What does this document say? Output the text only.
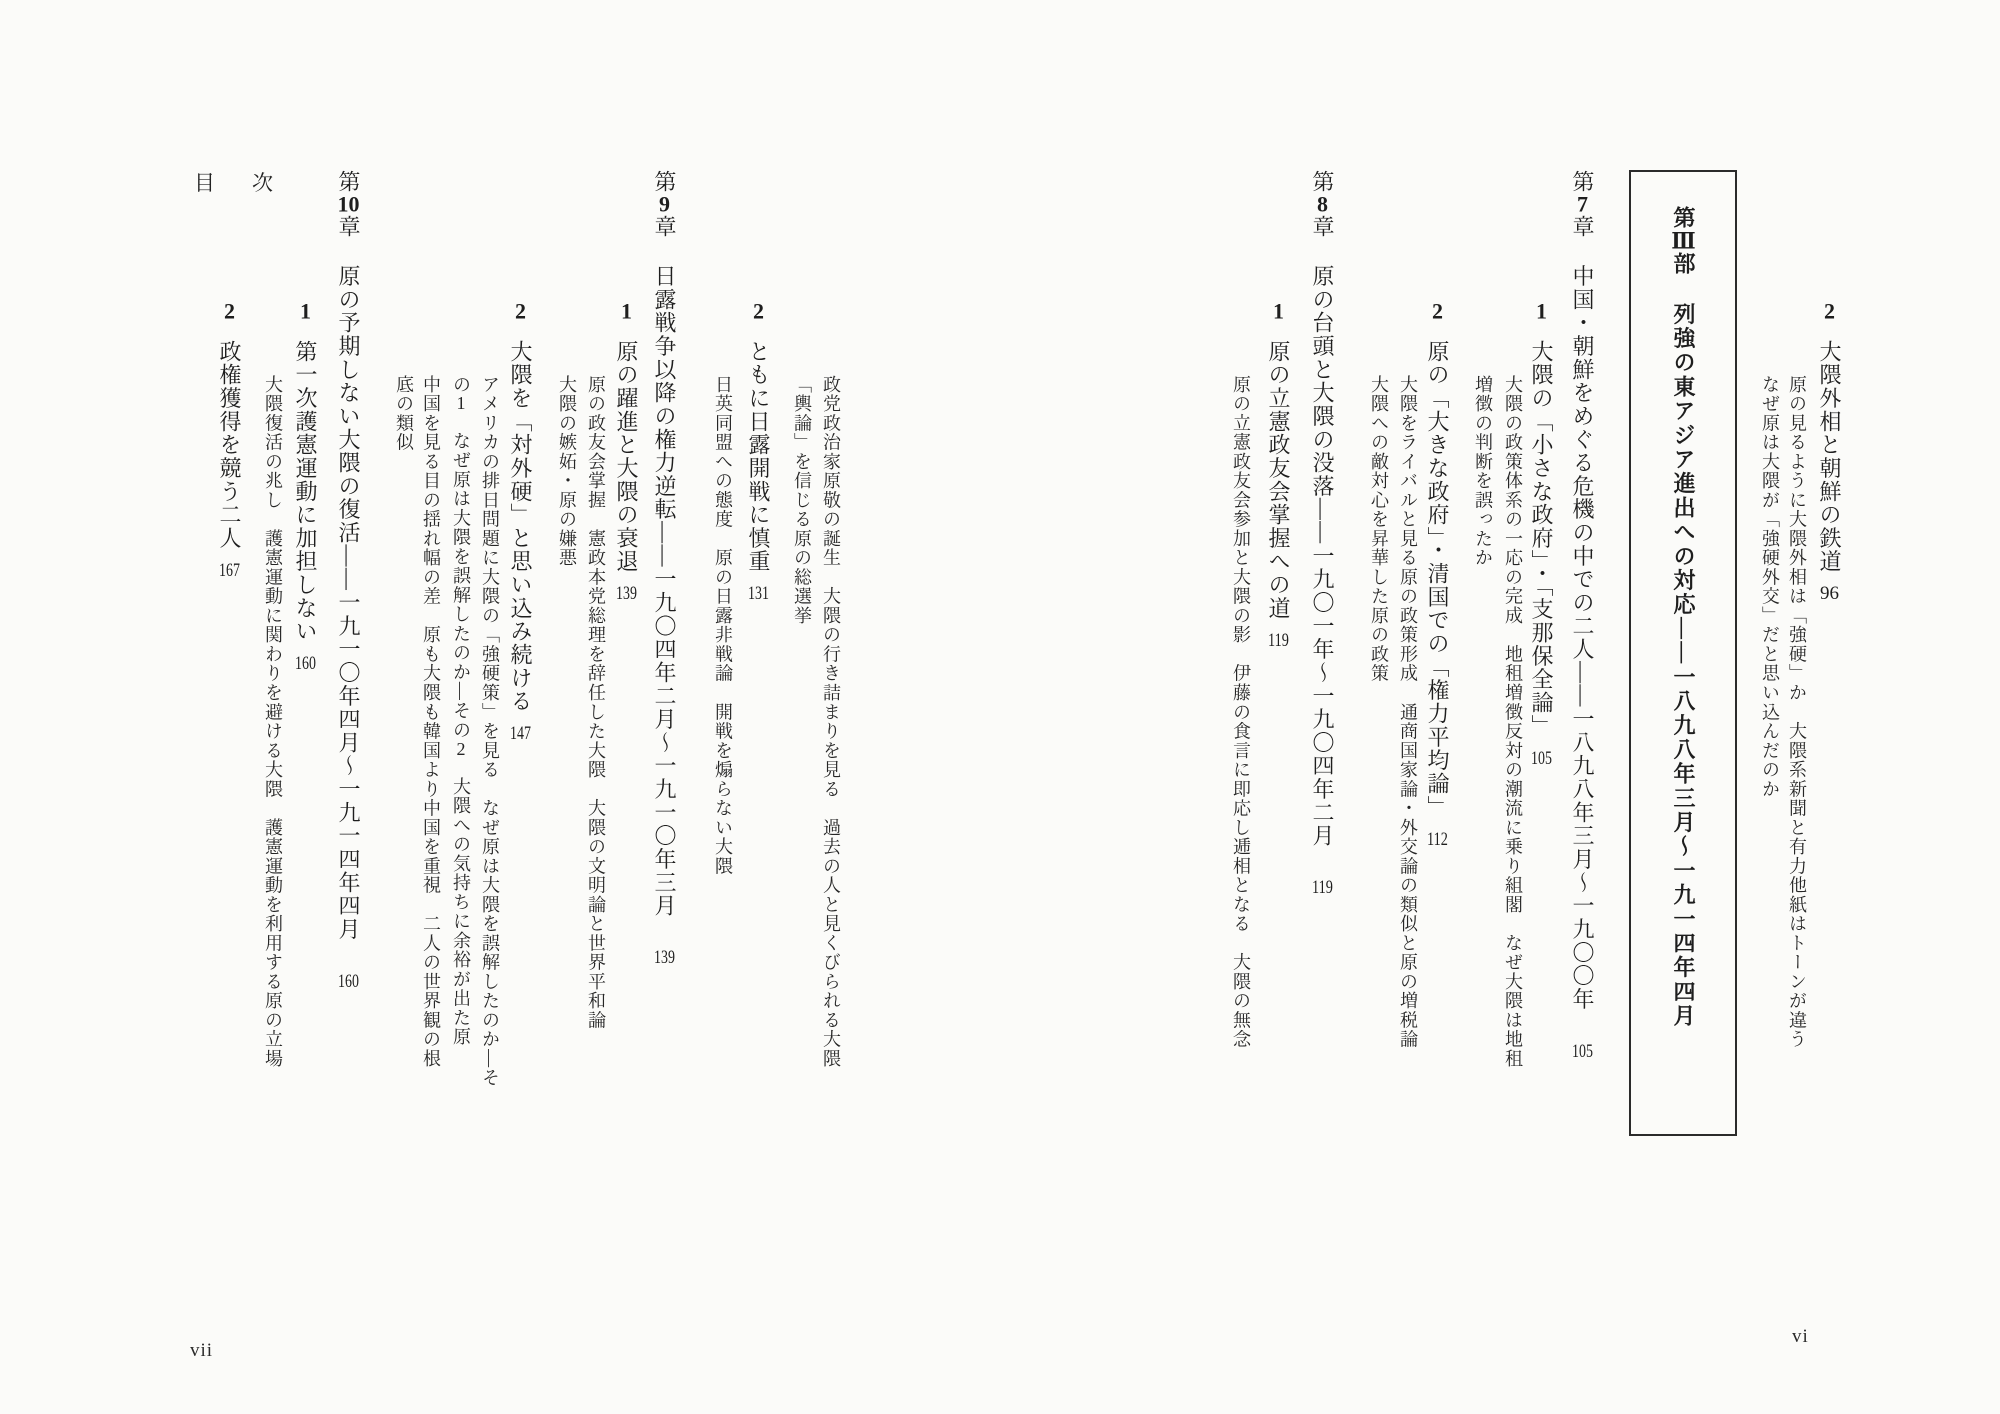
2大隈外相と朝鮮の鉄道96
原の見るように大隈外相は「強硬」か　大隈系新聞と有力他紙はトーンが違う
なぜ原は大隈が「強硬外交」だと思い込んだのか
第Ⅲ部列強の東アジア進出への対応――一八九八年三月〜一九一四年四月
第7章中国・朝鮮をめぐる危機の中での二人――一八九八年三月〜一九〇〇年 105
1大隈の「小さな政府」・「支那保全論」105
大隈の政策体系の一応の完成　地租増徴反対の潮流に乗り組閣　なぜ大隈は地租
増徴の判断を誤ったか
2原の「大きな政府」・清国での「権力平均論」112
大隈をライバルと見る原の政策形成　通商国家論・外交論の類似と原の増税論
大隈への敵対心を昇華した原の政策
第8章原の台頭と大隈の没落――一九〇一年〜一九〇四年二月 119
1原の立憲政友会掌握への道119
原の立憲政友会参加と大隈の影　伊藤の食言に即応し逓相となる　大隈の無念
政党政治家原敬の誕生　大隈の行き詰まりを見る　過去の人と見くびられる大隈
「輿論」を信じる原の総選挙
2ともに日露開戦に慎重131
日英同盟への態度　原の日露非戦論　開戦を煽らない大隈
第9章日露戦争以降の権力逆転――一九〇四年二月〜一九一〇年三月 139
1原の躍進と大隈の衰退139
原の政友会掌握　憲政本党総理を辞任した大隈　大隈の文明論と世界平和論
大隈の嫉妬・原の嫌悪
2大隈を「対外硬」と思い込み続ける147
アメリカの排日問題に大隈の「強硬策」を見る　なぜ原は大隈を誤解したのか―そ
の1　なぜ原は大隈を誤解したのか―その2　大隈への気持ちに余裕が出た原
中国を見る目の揺れ幅の差　原も大隈も韓国より中国を重視　二人の世界観の根
底の類似
第10章原の予期しない大隈の復活――一九一〇年四月〜一九一四年四月 160
1第一次護憲運動に加担しない160
大隈復活の兆し　護憲運動に関わりを避ける大隈　護憲運動を利用する原の立場
2政権獲得を競う二人167
目　次
vi
vii
